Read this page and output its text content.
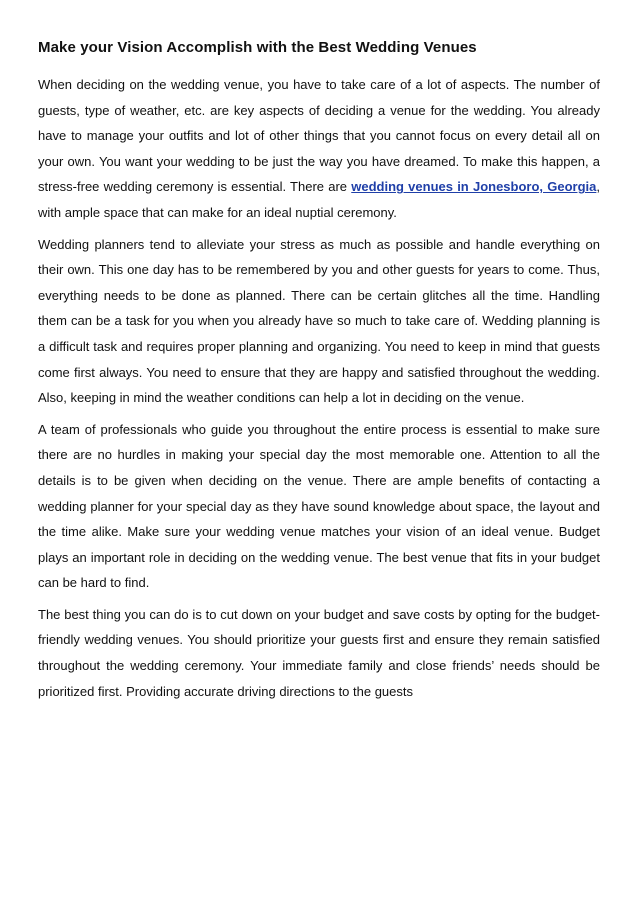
Make your Vision Accomplish with the Best Wedding Venues

When deciding on the wedding venue, you have to take care of a lot of aspects. The number of guests, type of weather, etc. are key aspects of deciding a venue for the wedding. You already have to manage your outfits and lot of other things that you cannot focus on every detail all on your own. You want your wedding to be just the way you have dreamed. To make this happen, a stress-free wedding ceremony is essential. There are wedding venues in Jonesboro, Georgia, with ample space that can make for an ideal nuptial ceremony.

Wedding planners tend to alleviate your stress as much as possible and handle everything on their own. This one day has to be remembered by you and other guests for years to come. Thus, everything needs to be done as planned. There can be certain glitches all the time. Handling them can be a task for you when you already have so much to take care of. Wedding planning is a difficult task and requires proper planning and organizing. You need to keep in mind that guests come first always. You need to ensure that they are happy and satisfied throughout the wedding. Also, keeping in mind the weather conditions can help a lot in deciding on the venue.

A team of professionals who guide you throughout the entire process is essential to make sure there are no hurdles in making your special day the most memorable one. Attention to all the details is to be given when deciding on the venue. There are ample benefits of contacting a wedding planner for your special day as they have sound knowledge about space, the layout and the time alike. Make sure your wedding venue matches your vision of an ideal venue. Budget plays an important role in deciding on the wedding venue. The best venue that fits in your budget can be hard to find.

The best thing you can do is to cut down on your budget and save costs by opting for the budget-friendly wedding venues. You should prioritize your guests first and ensure they remain satisfied throughout the wedding ceremony. Your immediate family and close friends’ needs should be prioritized first. Providing accurate driving directions to the guests
